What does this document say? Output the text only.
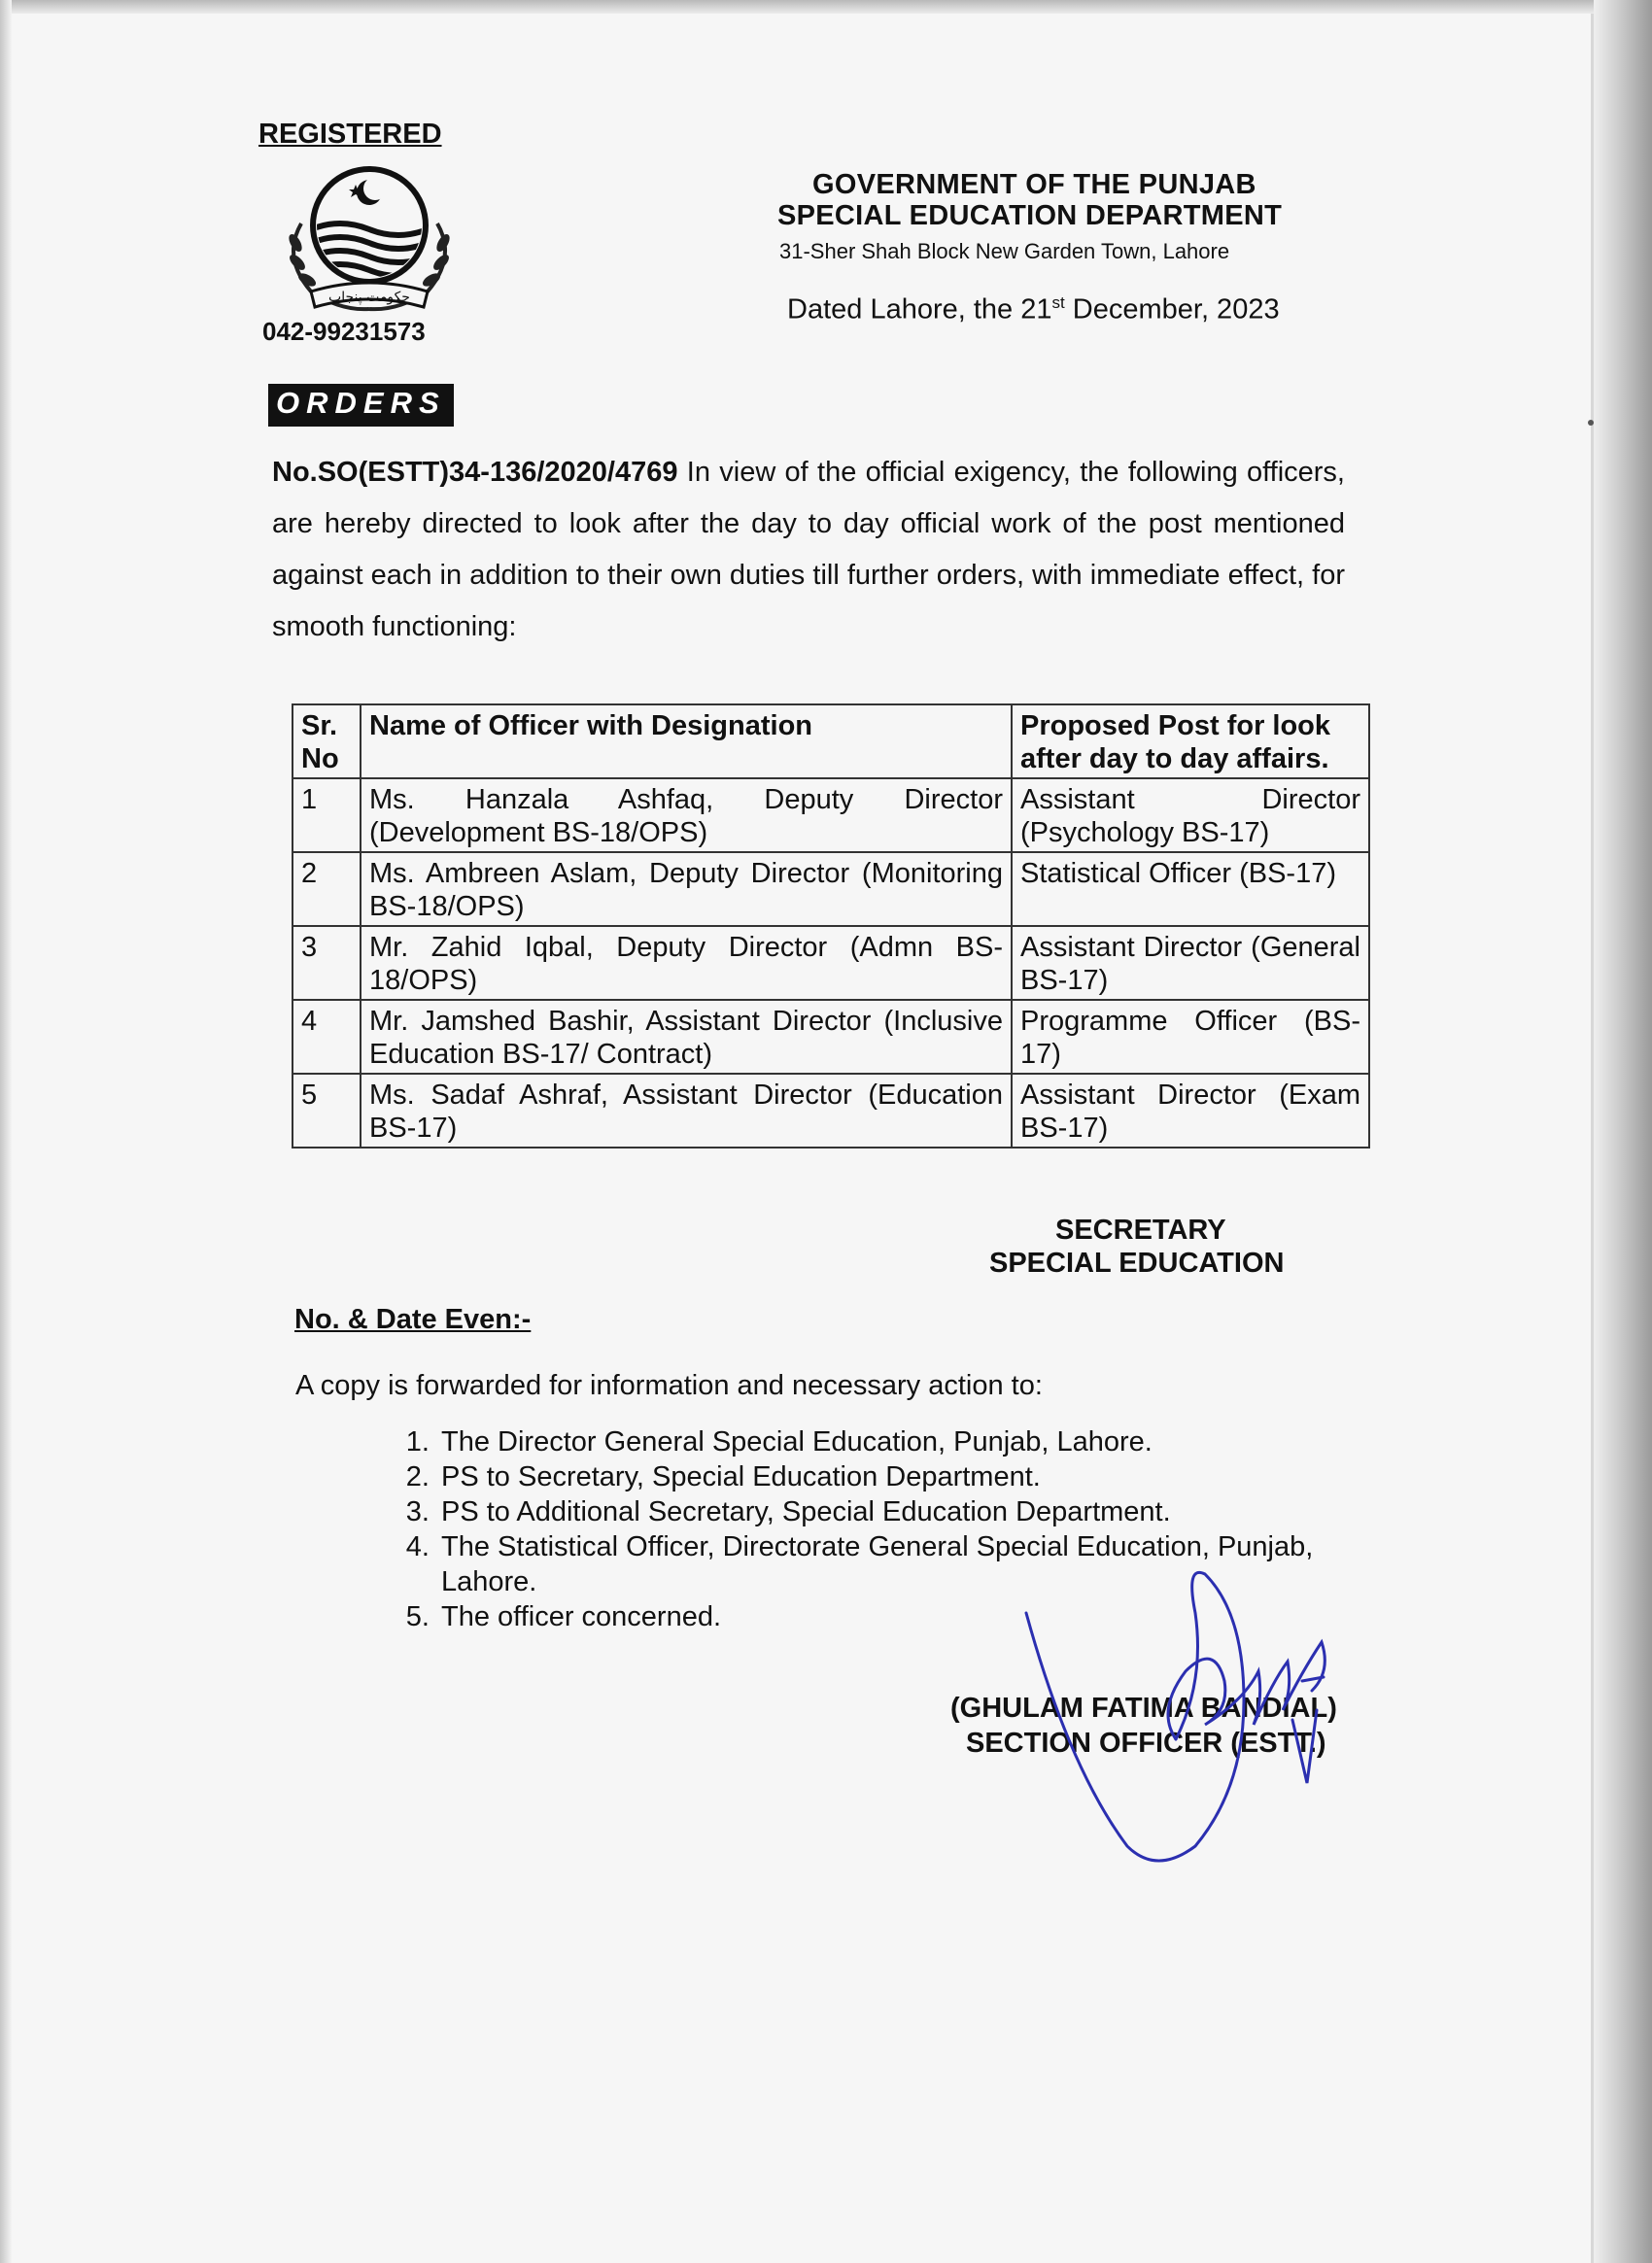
REGISTERED
حکومت پنجاب
042-99231573
GOVERNMENT OF THE PUNJAB
SPECIAL EDUCATION DEPARTMENT
31-Sher Shah Block New Garden Town, Lahore
Dated Lahore, the 21st December, 2023
ORDERS
No.SO(ESTT)34-136/2020/4769 In view of the official exigency, the following officers, are hereby directed to look after the day to day official work of the post mentioned against each in addition to their own duties till further orders, with immediate effect, for smooth functioning:
Sr. No	Name of Officer with Designation	Proposed Post for look after day to day affairs.
1	Ms. Hanzala Ashfaq, Deputy Director (Development BS-18/OPS)	Assistant Director (Psychology BS-17)
2	Ms. Ambreen Aslam, Deputy Director (Monitoring BS-18/OPS)	Statistical Officer (BS-17)
3	Mr. Zahid Iqbal, Deputy Director (Admn BS-18/OPS)	Assistant Director (General BS-17)
4	Mr. Jamshed Bashir, Assistant Director (Inclusive Education BS-17/ Contract)	Programme Officer (BS-17)
5	Ms. Sadaf Ashraf, Assistant Director (Education BS-17)	Assistant Director (Exam BS-17)
SECRETARY
SPECIAL EDUCATION
No. & Date Even:-
A copy is forwarded for information and necessary action to:
1. The Director General Special Education, Punjab, Lahore.
2. PS to Secretary, Special Education Department.
3. PS to Additional Secretary, Special Education Department.
4. The Statistical Officer, Directorate General Special Education, Punjab, Lahore.
5. The officer concerned.
(GHULAM FATIMA BANDIAL)
SECTION OFFICER (ESTT.)
